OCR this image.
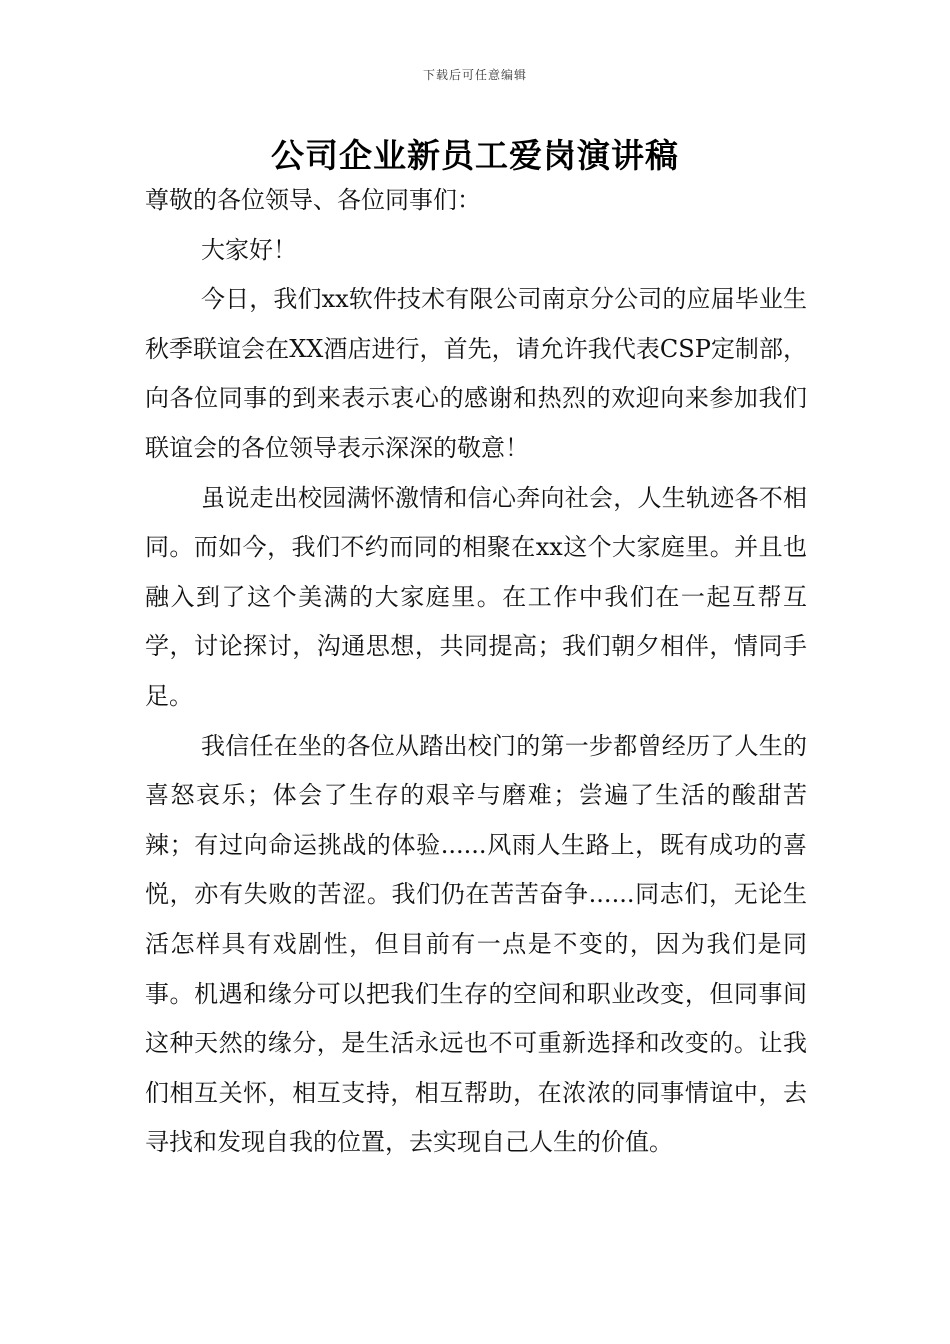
下载后可任意编辑
公司企业新员工爱岗演讲稿

尊敬的各位领导、各位同事们：

大家好！

今日，我们xx软件技术有限公司南京分公司的应届毕业生秋季联谊会在XX酒店进行，首先，请允许我代表CSP定制部，向各位同事的到来表示衷心的感谢和热烈的欢迎向来参加我们联谊会的各位领导表示深深的敬意！

虽说走出校园满怀激情和信心奔向社会，人生轨迹各不相同。而如今，我们不约而同的相聚在xx这个大家庭里。并且也融入到了这个美满的大家庭里。在工作中我们在一起互帮互学，讨论探讨，沟通思想，共同提高；我们朝夕相伴，情同手足。

我信任在坐的各位从踏出校门的第一步都曾经历了人生的喜怒哀乐；体会了生存的艰辛与磨难；尝遍了生活的酸甜苦辣；有过向命运挑战的体验......风雨人生路上，既有成功的喜悦，亦有失败的苦涩。我们仍在苦苦奋争......同志们，无论生活怎样具有戏剧性，但目前有一点是不变的，因为我们是同事。机遇和缘分可以把我们生存的空间和职业改变，但同事间这种天然的缘分，是生活永远也不可重新选择和改变的。让我们相互关怀，相互支持，相互帮助，在浓浓的同事情谊中，去寻找和发现自我的位置，去实现自己人生的价值。
